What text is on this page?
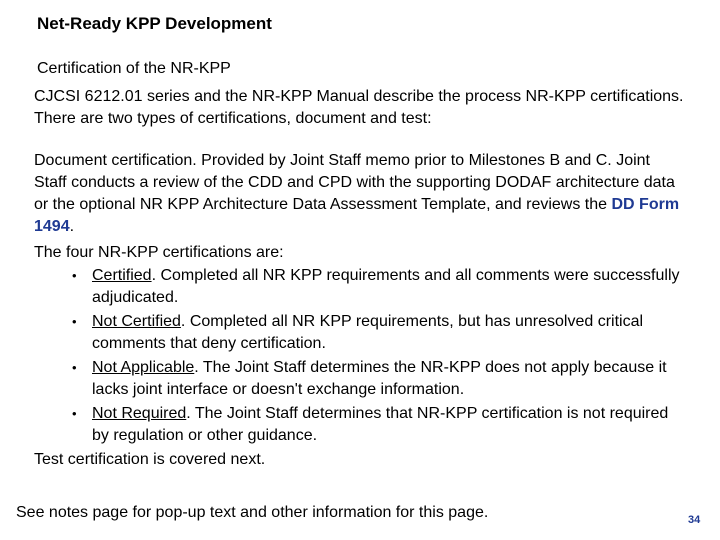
Net-Ready KPP Development
Certification of the NR-KPP

CJCSI 6212.01 series and the NR-KPP Manual describe the process NR-KPP certifications. There are two types of certifications, document and test:

Document certification. Provided by Joint Staff memo prior to Milestones B and C. Joint Staff conducts a review of the CDD and CPD with the supporting DODAF architecture data or the optional NR KPP Architecture Data Assessment Template, and reviews the DD Form 1494.

The four NR-KPP certifications are:

• Certified. Completed all NR KPP requirements and all comments were successfully adjudicated.
• Not Certified. Completed all NR KPP requirements, but has unresolved critical comments that deny certification.
• Not Applicable. The Joint Staff determines the NR-KPP does not apply because it lacks joint interface or doesn't exchange information.
• Not Required. The Joint Staff determines that NR-KPP certification is not required by regulation or other guidance.

Test certification is covered next.

See notes page for pop-up text and other information for this page.	34
